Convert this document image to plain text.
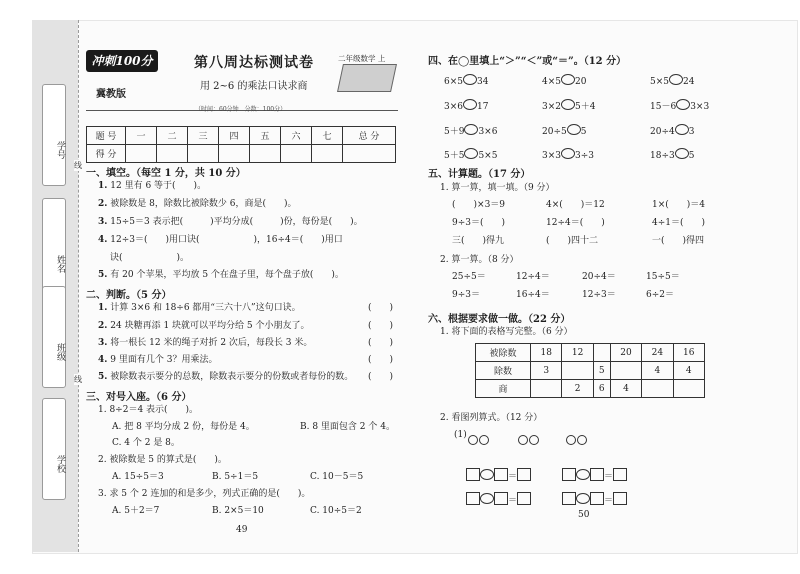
学号
姓名
班级
学校
线
线
冲刺100分
冀教版
第八周达标测试卷
用 2~6 的乘法口诀求商
二年级数学 上
（时间：60分钟　分数：100分）
题 号	一	二	三	四	五	六	七	总 分
得 分								
一、填空。（每空 1 分，共 10 分）
1. 12 里有 6 等于(　　)。
2. 被除数是 8，除数比被除数少 6，商是(　　)。
3. 15÷5＝3 表示把(　　　)平均分成(　　　)份，每份是(　　)。
4. 12÷3＝(　　)用口诀(　　　　　　)，16÷4＝(　　)用口
诀(　　　　　　)。
5. 有 20 个苹果，平均放 5 个在盘子里，每个盘子放(　　)。
二、判断。（5 分）
1. 计算 3×6 和 18÷6 都用“三六十八”这句口诀。	(　　)
2. 24 块糖再添 1 块就可以平均分给 5 个小朋友了。	(　　)
3. 将一根长 12 米的绳子对折 2 次后，每段长 3 米。	(　　)
4. 9 里面有几个 3？用乘法。	(　　)
5. 被除数表示要分的总数，除数表示要分的份数或者每份的数。 (　　)
三、对号入座。（6 分）
1. 8÷2＝4 表示(　　)。
A. 把 8 平均分成 2 份，每份是 4。	B. 8 里面包含 2 个 4。
C. 4 个 2 是 8。
2. 被除数是 5 的算式是(　　)。
A. 15÷5＝3	B. 5÷1＝5	C. 10－5＝5
3. 求 5 个 2 连加的和是多少，列式正确的是(　　)。
A. 5＋2＝7	B. 2×5＝10	C. 10÷5＝2
49
四、在◯里填上“＞”“＜”或“＝”。（12 分）
6×5 34	4×5 20	5×5 24
3×6 17	3×2 5＋4	15－6 3×3
5＋9 3×6	20÷5 5	20÷4 3
5＋5 5×5	3×3 3÷3	18÷3 5
五、计算题。（17 分）
1. 算一算，填一填。（9 分）
(　　)×3＝9	4×(　　)＝12	1×(　　)＝4
9÷3＝(　　)	12÷4＝(　　)	4÷1＝(　　)
三(　　)得九	(　　)四十二	一(　　)得四
2. 算一算。（8 分）
25÷5＝	12÷4＝	20÷4＝	15÷5＝
9÷3＝	16÷4＝	12÷3＝	6÷2＝
六、根据要求做一做。（22 分）
1. 将下面的表格写完整。（6 分）
被除数	18	12		20	24	16
除数	3		5		4	4
商		2	6	4		
2. 看图列算式。（12 分）
(1)
＝	＝
＝	＝
50
